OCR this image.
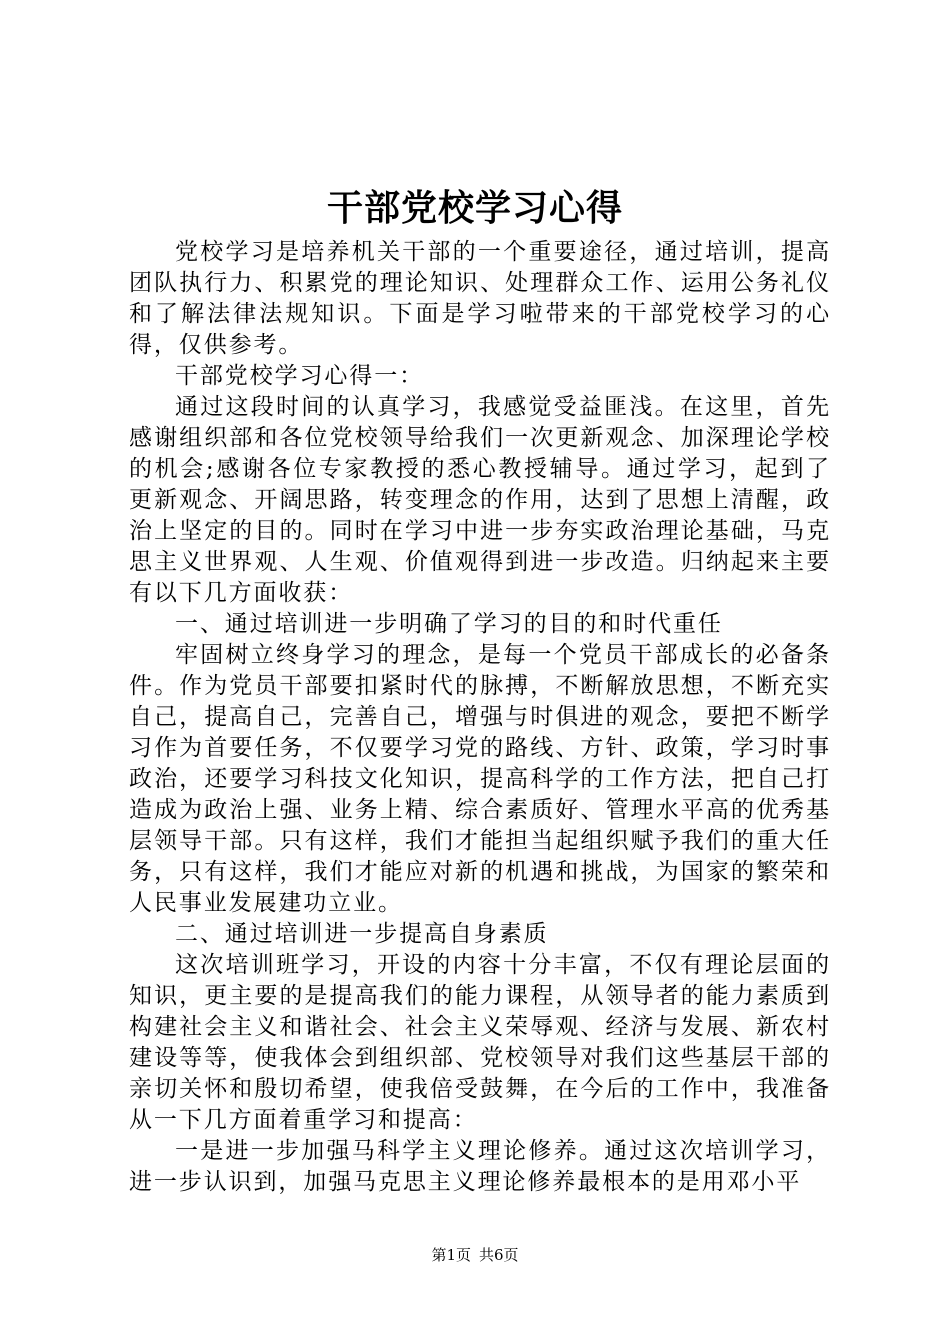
干部党校学习心得

党校学习是培养机关干部的一个重要途径，通过培训，提高团队执行力、积累党的理论知识、处理群众工作、运用公务礼仪和了解法律法规知识。下面是学习啦带来的干部党校学习的心得，仅供参考。

干部党校学习心得一：

通过这段时间的认真学习，我感觉受益匪浅。在这里，首先感谢组织部和各位党校领导给我们一次更新观念、加深理论学校的机会;感谢各位专家教授的悉心教授辅导。通过学习，起到了更新观念、开阔思路，转变理念的作用，达到了思想上清醒，政治上坚定的目的。同时在学习中进一步夯实政治理论基础，马克思主义世界观、人生观、价值观得到进一步改造。归纳起来主要有以下几方面收获：

一、通过培训进一步明确了学习的目的和时代重任

牢固树立终身学习的理念，是每一个党员干部成长的必备条件。作为党员干部要扣紧时代的脉搏，不断解放思想，不断充实自己，提高自己，完善自己，增强与时俱进的观念，要把不断学习作为首要任务，不仅要学习党的路线、方针、政策，学习时事政治，还要学习科技文化知识，提高科学的工作方法，把自己打造成为政治上强、业务上精、综合素质好、管理水平高的优秀基层领导干部。只有这样，我们才能担当起组织赋予我们的重大任务，只有这样，我们才能应对新的机遇和挑战，为国家的繁荣和人民事业发展建功立业。

二、通过培训进一步提高自身素质

这次培训班学习，开设的内容十分丰富，不仅有理论层面的知识，更主要的是提高我们的能力课程，从领导者的能力素质到构建社会主义和谐社会、社会主义荣辱观、经济与发展、新农村建设等等，使我体会到组织部、党校领导对我们这些基层干部的亲切关怀和殷切希望，使我倍受鼓舞，在今后的工作中，我准备从一下几方面着重学习和提高：

一是进一步加强马科学主义理论修养。通过这次培训学习，进一步认识到，加强马克思主义理论修养最根本的是用邓小平

第1页 共6页
